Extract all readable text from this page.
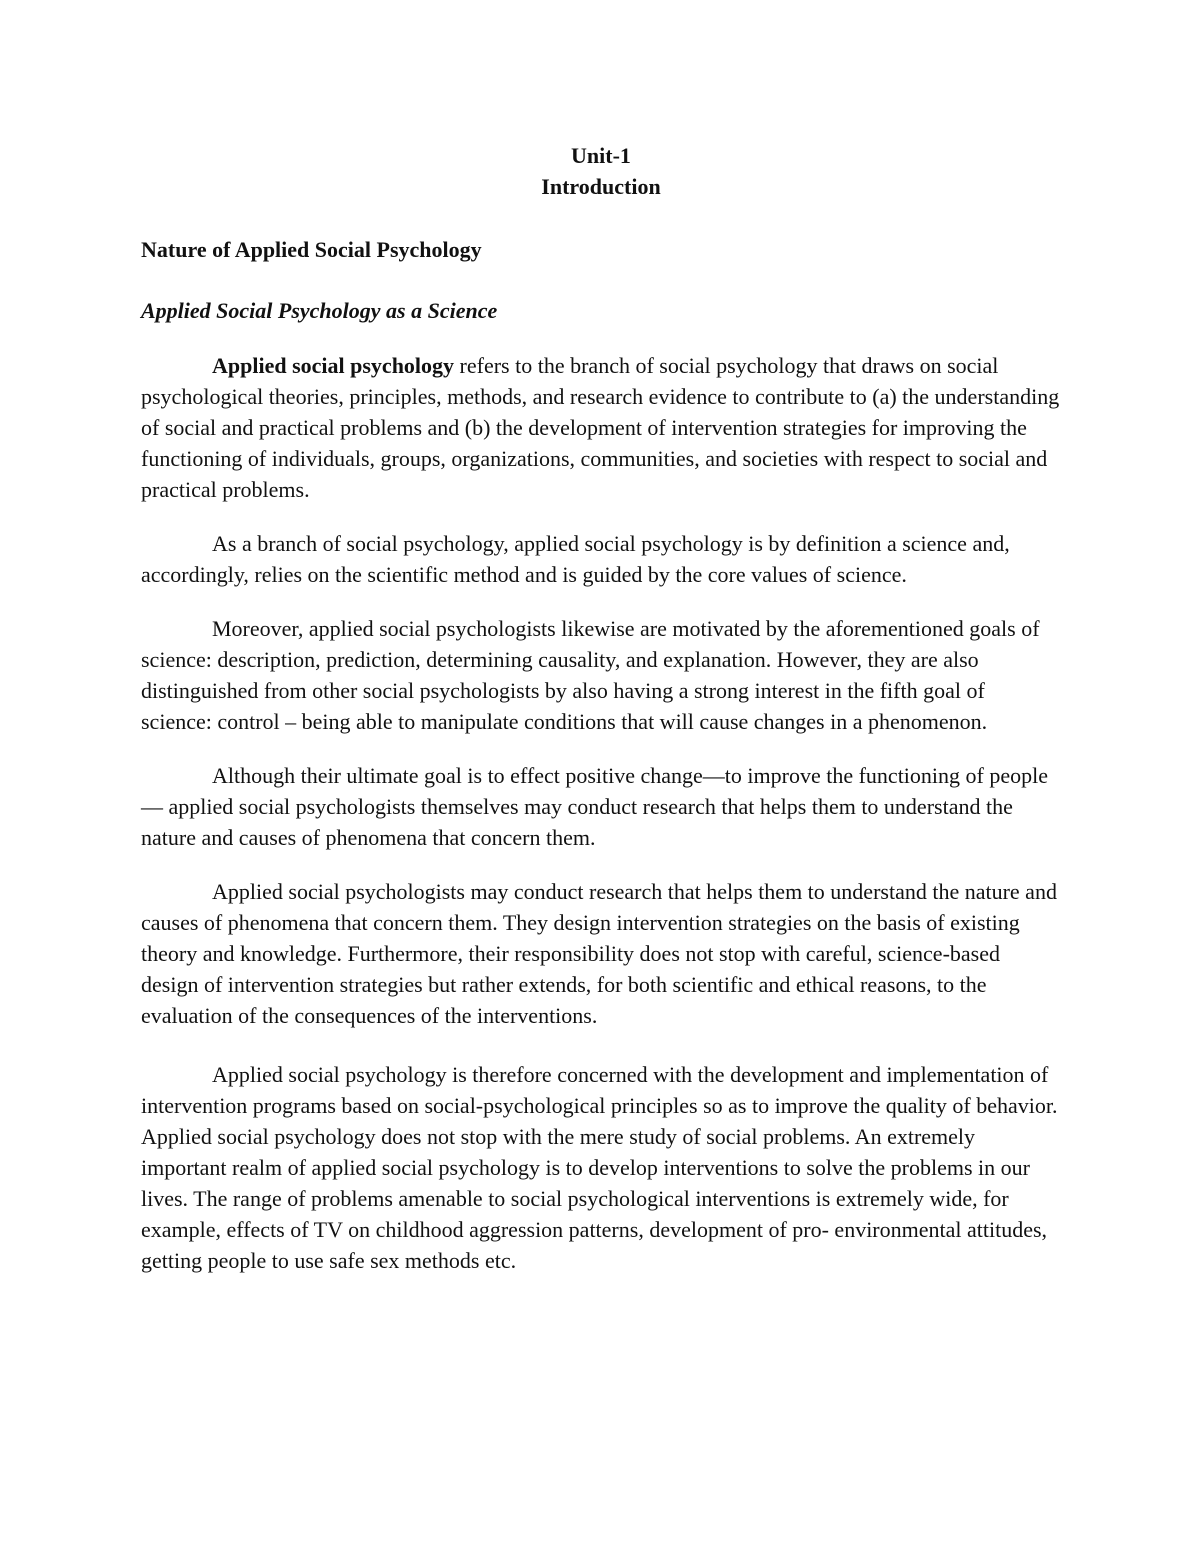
Unit-1
Introduction
Nature of Applied Social Psychology
Applied Social Psychology as a Science

Applied social psychology refers to the branch of social psychology that draws on social psychological theories, principles, methods, and research evidence to contribute to (a) the understanding of social and practical problems and (b) the development of intervention strategies for improving the functioning of individuals, groups, organizations, communities, and societies with respect to social and practical problems.

As a branch of social psychology, applied social psychology is by definition a science and, accordingly, relies on the scientific method and is guided by the core values of science.

Moreover, applied social psychologists likewise are motivated by the aforementioned goals of science: description, prediction, determining causality, and explanation. However, they are also distinguished from other social psychologists by also having a strong interest in the fifth goal of science: control – being able to manipulate conditions that will cause changes in a phenomenon.

Although their ultimate goal is to effect positive change—to improve the functioning of people— applied social psychologists themselves may conduct research that helps them to understand the nature and causes of phenomena that concern them.

Applied social psychologists may conduct research that helps them to understand the nature and causes of phenomena that concern them. They design intervention strategies on the basis of existing theory and knowledge. Furthermore, their responsibility does not stop with careful, science-based design of intervention strategies but rather extends, for both scientific and ethical reasons, to the evaluation of the consequences of the interventions.

Applied social psychology is therefore concerned with the development and implementation of intervention programs based on social-psychological principles so as to improve the quality of behavior. Applied social psychology does not stop with the mere study of social problems. An extremely important realm of applied social psychology is to develop interventions to solve the problems in our lives. The range of problems amenable to social psychological interventions is extremely wide, for example, effects of TV on childhood aggression patterns, development of pro- environmental attitudes, getting people to use safe sex methods etc.
